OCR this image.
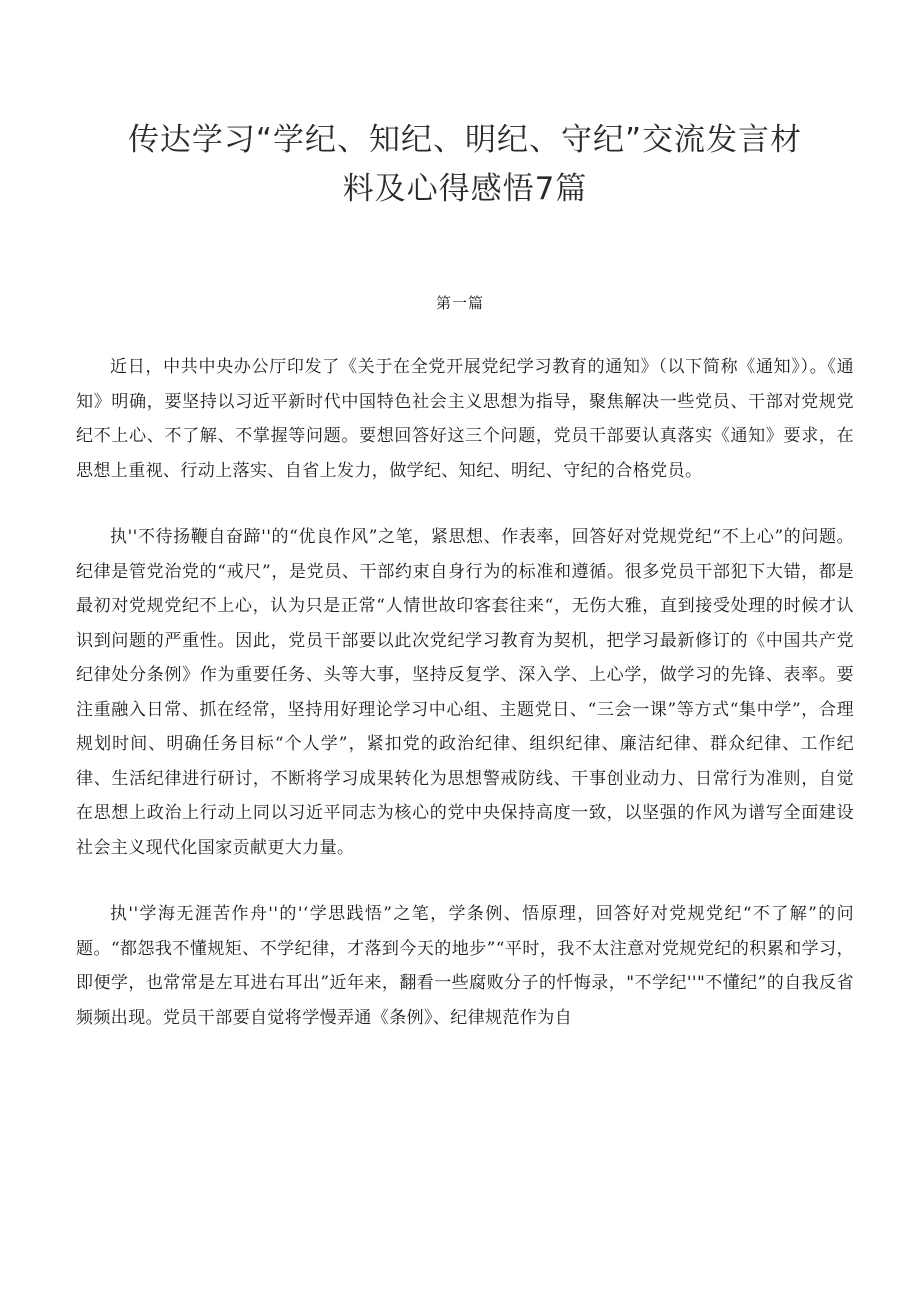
传达学习“学纪、知纪、明纪、守纪”交流发言材
料及心得感悟7篇
第一篇

近日，中共中央办公厅印发了《关于在全党开展党纪学习教育的通知》（以下简称《通知》）。《通知》明确，要坚持以习近平新时代中国特色社会主义思想为指导，聚焦解决一些党员、干部对党规党纪不上心、不了解、不掌握等问题。要想回答好这三个问题，党员干部要认真落实《通知》要求，在思想上重视、行动上落实、自省上发力，做学纪、知纪、明纪、守纪的合格党员。

执''不待扬鞭自奋蹄''的“优良作风”之笔，紧思想、作表率，回答好对党规党纪“不上心”的问题。纪律是管党治党的“戒尺”，是党员、干部约束自身行为的标准和遵循。很多党员干部犯下大错，都是最初对党规党纪不上心，认为只是正常“人情世故印客套往来“，无伤大雅，直到接受处理的时候才认识到问题的严重性。因此，党员干部要以此次党纪学习教育为契机，把学习最新修订的《中国共产党纪律处分条例》作为重要任务、头等大事，坚持反复学、深入学、上心学，做学习的先锋、表率。要注重融入日常、抓在经常，坚持用好理论学习中心组、主题党日、“三会一课”等方式“集中学”，合理规划时间、明确任务目标“个人学”，紧扣党的政治纪律、组织纪律、廉洁纪律、群众纪律、工作纪律、生活纪律进行研讨，不断将学习成果转化为思想警戒防线、干事创业动力、日常行为准则，自觉在思想上政治上行动上同以习近平同志为核心的党中央保持高度一致，以坚强的作风为谱写全面建设社会主义现代化国家贡献更大力量。

执''学海无涯苦作舟''的'‘学思践悟”之笔，学条例、悟原理，回答好对党规党纪“不了解”的问题。“都怨我不懂规矩、不学纪律，才落到今天的地步”“平时，我不太注意对党规党纪的积累和学习，即便学，也常常是左耳进右耳出”近年来，翻看一些腐败分子的忏悔录，"不学纪''"不懂纪”的自我反省频频出现。党员干部要自觉将学慢弄通《条例》、纪律规范作为自
